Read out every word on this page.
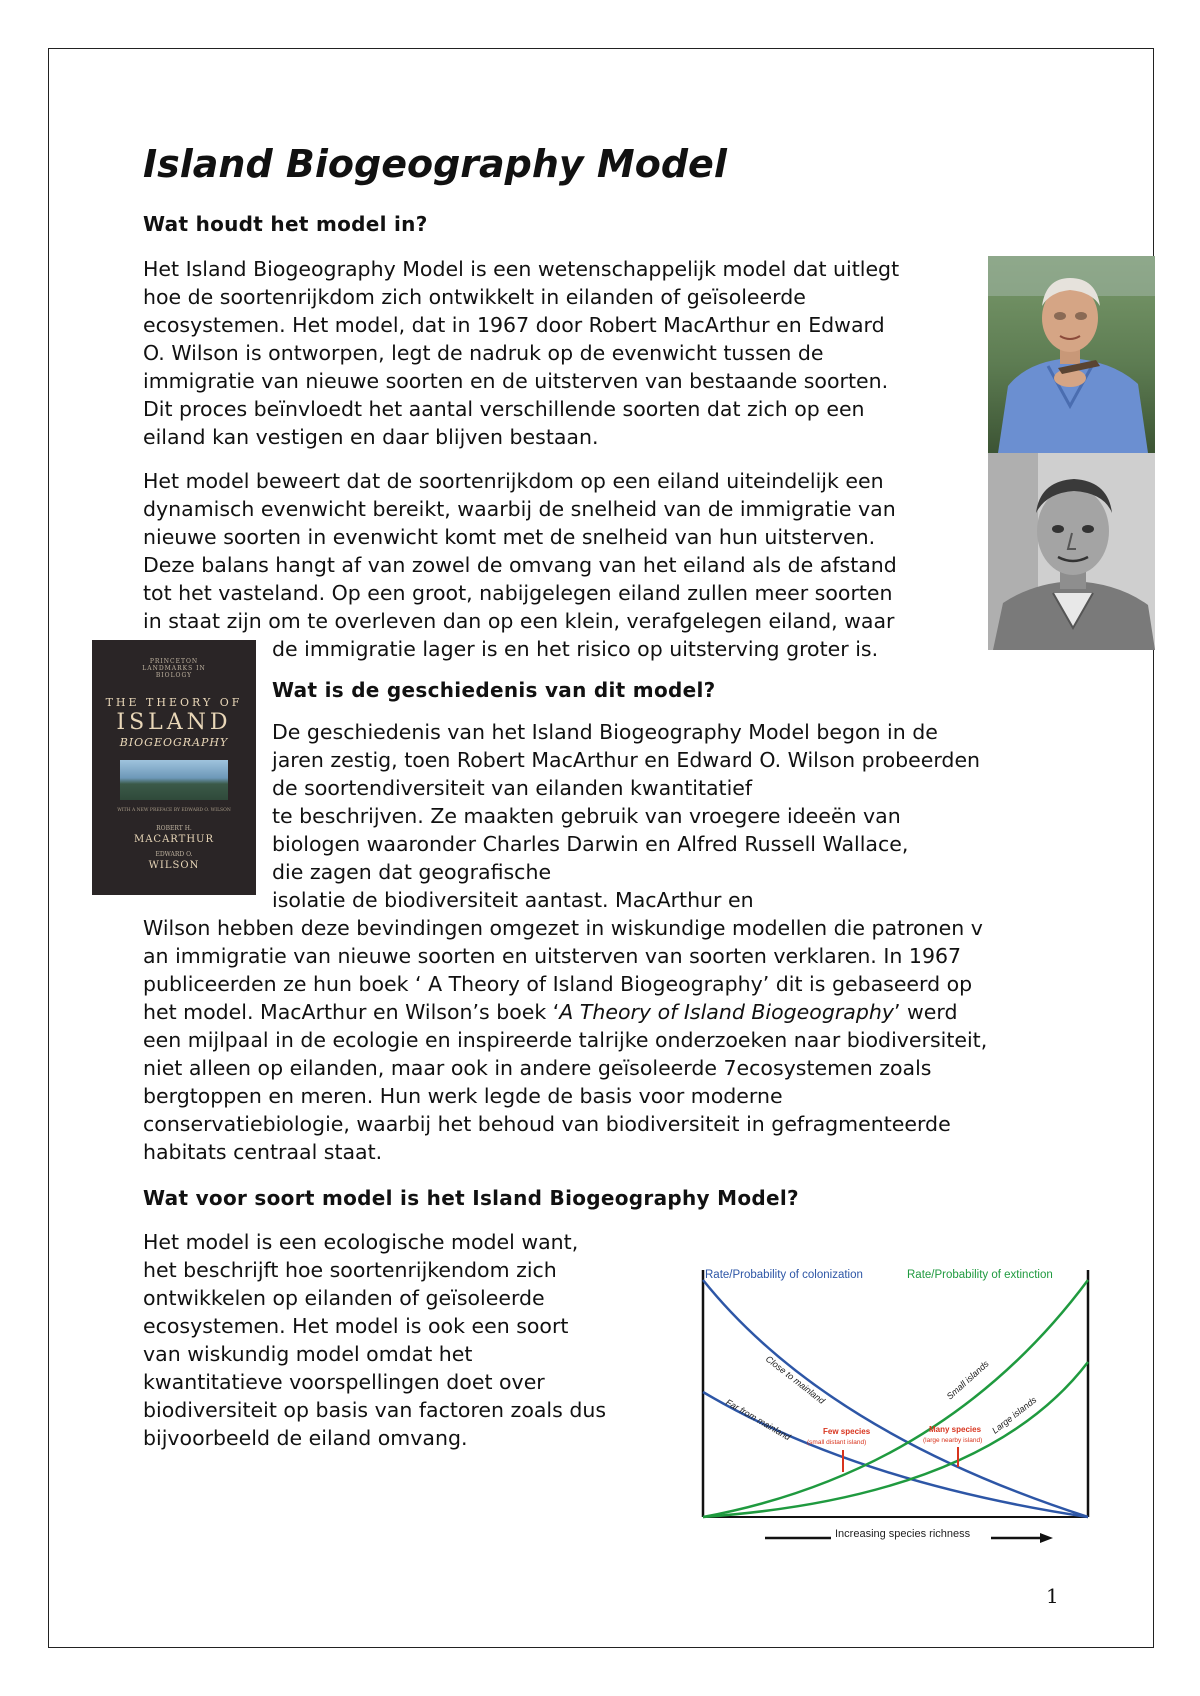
Island Biogeography Model
Wat houdt het model in?
Het Island Biogeography Model is een wetenschappelijk model dat uitlegt
hoe de soortenrijkdom zich ontwikkelt in eilanden of geïsoleerde
ecosystemen. Het model, dat in 1967 door Robert MacArthur en Edward
O. Wilson is ontworpen, legt de nadruk op de evenwicht tussen de
immigratie van nieuwe soorten en de uitsterven van bestaande soorten.
Dit proces beïnvloedt het aantal verschillende soorten dat zich op een
eiland kan vestigen en daar blijven bestaan.
Het model beweert dat de soortenrijkdom op een eiland uiteindelijk een
dynamisch evenwicht bereikt, waarbij de snelheid van de immigratie van
nieuwe soorten in evenwicht komt met de snelheid van hun uitsterven.
Deze balans hangt af van zowel de omvang van het eiland als de afstand
tot het vasteland. Op een groot, nabijgelegen eiland zullen meer soorten
in staat zijn om te overleven dan op een klein, verafgelegen eiland, waar
de immigratie lager is en het risico op uitsterving groter is.
PRINCETON
LANDMARKS IN
BIOLOGY
THE THEORY OF
ISLAND
BIOGEOGRAPHY
WITH A NEW PREFACE BY EDWARD O. WILSON
ROBERT H.
MACARTHUR
EDWARD O.
WILSON
Wat is de geschiedenis van dit model?
De geschiedenis van het Island Biogeography Model begon in de
jaren zestig, toen Robert MacArthur en Edward O. Wilson probeerden
de soortendiversiteit van eilanden kwantitatief
te beschrijven. Ze maakten gebruik van vroegere ideeën van
biologen waaronder Charles Darwin en Alfred Russell Wallace,
die zagen dat geografische
isolatie de biodiversiteit aantast. MacArthur en
Wilson hebben deze bevindingen omgezet in wiskundige modellen die patronen v
an immigratie van nieuwe soorten en uitsterven van soorten verklaren. In 1967
publiceerden ze hun boek ‘ A Theory of Island Biogeography’ dit is gebaseerd op
het model. MacArthur en Wilson’s boek ‘A Theory of Island Biogeography’ werd
een mijlpaal in de ecologie en inspireerde talrijke onderzoeken naar biodiversiteit,
niet alleen op eilanden, maar ook in andere geïsoleerde 7ecosystemen zoals
bergtoppen en meren. Hun werk legde de basis voor moderne
conservatiebiologie, waarbij het behoud van biodiversiteit in gefragmenteerde
habitats centraal staat.
Wat voor soort model is het Island Biogeography Model?
Het model is een ecologische model want,
het beschrijft hoe soortenrijkendom zich
ontwikkelen op eilanden of geïsoleerde
ecosystemen. Het model is ook een soort
van wiskundig model omdat het
kwantitatieve voorspellingen doet over
biodiversiteit op basis van factoren zoals dus
bijvoorbeeld de eiland omvang.
Rate/Probability of colonization	Rate/Probability of extinction
Close to mainland
Far from mainland
Small islands
Large islands
Few species
(small distant island)
Many species
(large nearby island)
Increasing species richness
1
